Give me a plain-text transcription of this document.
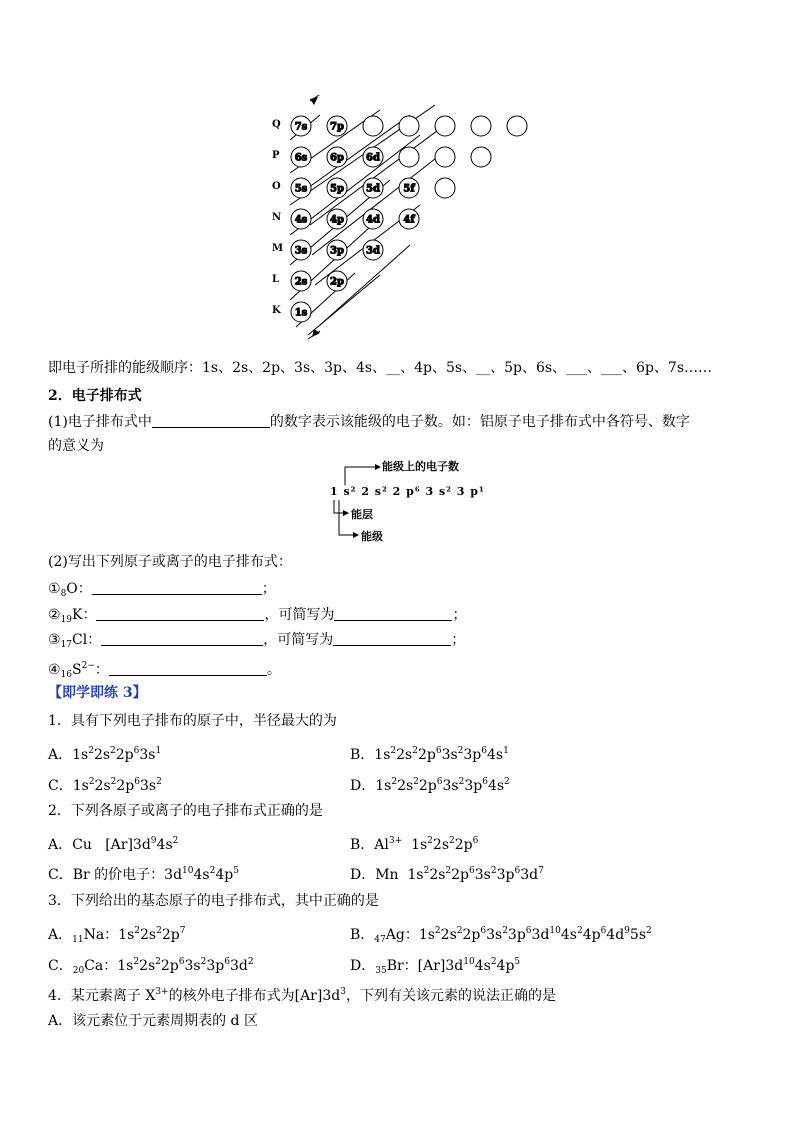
7s 7p
6s 6p 6d
5s 5p 5d 5f
4s 4p 4d 4f
3s 3p 3d
2s 2p
1s
Q
P
O
N
M
L
K
即电子所排的能级顺序：1s、2s、2p、3s、3p、4s、__、4p、5s、__、5p、6s、___、___、6p、7s……
2．电子排布式
(1)电子排布式中	的数字表示该能级的电子数。如：铝原子电子排布式中各符号、数字
的意义为
能级上的电子数
1 s² 2 s² 2 p⁶ 3 s² 3 p¹
能层
能级
(2)写出下列原子或离子的电子排布式：
$①_8O$：	；
$②_{19}K$：	，可简写为	；
$③_{17}Cl$：	，可简写为	；
$④_{16}S^{2-}$：	。
【即学即练 3】
1．具有下列电子排布的原子中，半径最大的为
A．$1s^22s^22p^63s^1$	B．$1s^22s^22p^63s^23p^64s^1$
C．$1s^22s^22p^63s^2$	D．$1s^22s^22p^63s^23p^64s^2$
2．下列各原子或离子的电子排布式正确的是
A．Cu   $[Ar]3d^94s^2$	B．$Al^{3+}$  $1s^22s^22p^6$
C．Br 的价电子：$3d^{10}4s^24p^5$	D．Mn  $1s^22s^22p^63s^23p^63d^7$
3．下列给出的基态原子的电子排布式，其中正确的是
A．$_{11}$Na：$1s^22s^22p^7$	B．$_{47}$Ag：$1s^22s^22p^63s^23p^63d^{10}4s^24p^64d^95s^2$
C．$_{20}$Ca：$1s^22s^22p^63s^23p^63d^2$	D．$_{35}$Br：$[Ar]3d^{10}4s^24p^5$
4．某元素离子 $X^{3+}$的核外电子排布式为$[Ar]3d^3$，下列有关该元素的说法正确的是
A．该元素位于元素周期表的 d 区
